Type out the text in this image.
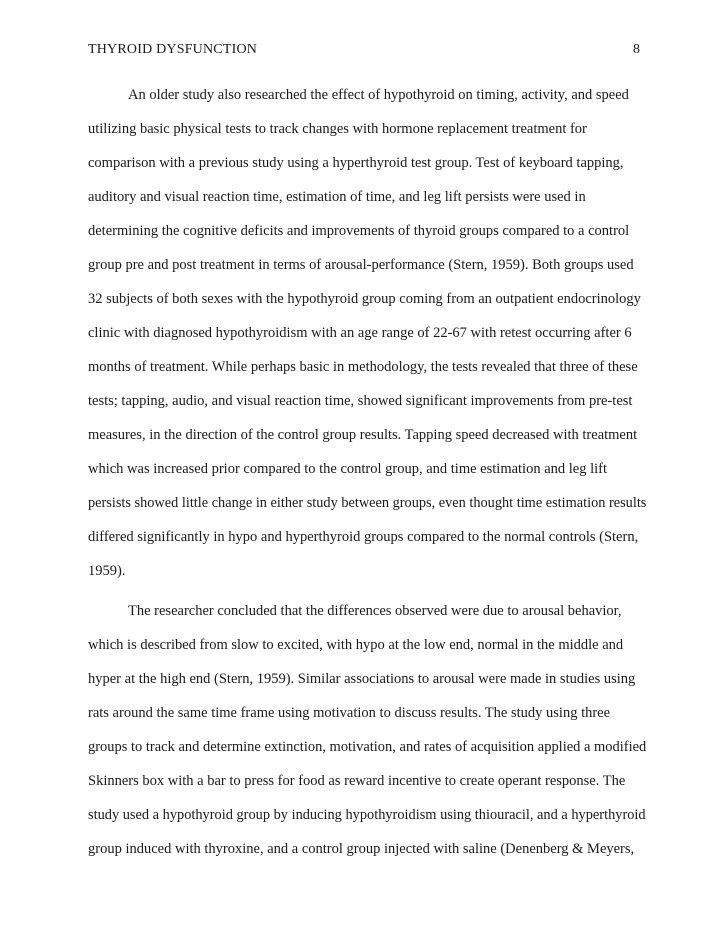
THYROID DYSFUNCTION	8
An older study also researched the effect of hypothyroid on timing, activity, and speed
utilizing basic physical tests to track changes with hormone replacement treatment for
comparison with a previous study using a hyperthyroid test group. Test of keyboard tapping,
auditory and visual reaction time, estimation of time, and leg lift persists were used in
determining the cognitive deficits and improvements of thyroid groups compared to a control
group pre and post treatment in terms of arousal-performance (Stern, 1959). Both groups used
32 subjects of both sexes with the hypothyroid group coming from an outpatient endocrinology
clinic with diagnosed hypothyroidism with an age range of 22-67 with retest occurring after 6
months of treatment. While perhaps basic in methodology, the tests revealed that three of these
tests; tapping, audio, and visual reaction time, showed significant improvements from pre-test
measures, in the direction of the control group results. Tapping speed decreased with treatment
which was increased prior compared to the control group, and time estimation and leg lift
persists showed little change in either study between groups, even thought time estimation results
differed significantly in hypo and hyperthyroid groups compared to the normal controls (Stern,
1959).
The researcher concluded that the differences observed were due to arousal behavior,
which is described from slow to excited, with hypo at the low end, normal in the middle and
hyper at the high end (Stern, 1959). Similar associations to arousal were made in studies using
rats around the same time frame using motivation to discuss results. The study using three
groups to track and determine extinction, motivation, and rates of acquisition applied a modified
Skinners box with a bar to press for food as reward incentive to create operant response. The
study used a hypothyroid group by inducing hypothyroidism using thiouracil, and a hyperthyroid
group induced with thyroxine, and a control group injected with saline (Denenberg & Meyers,
